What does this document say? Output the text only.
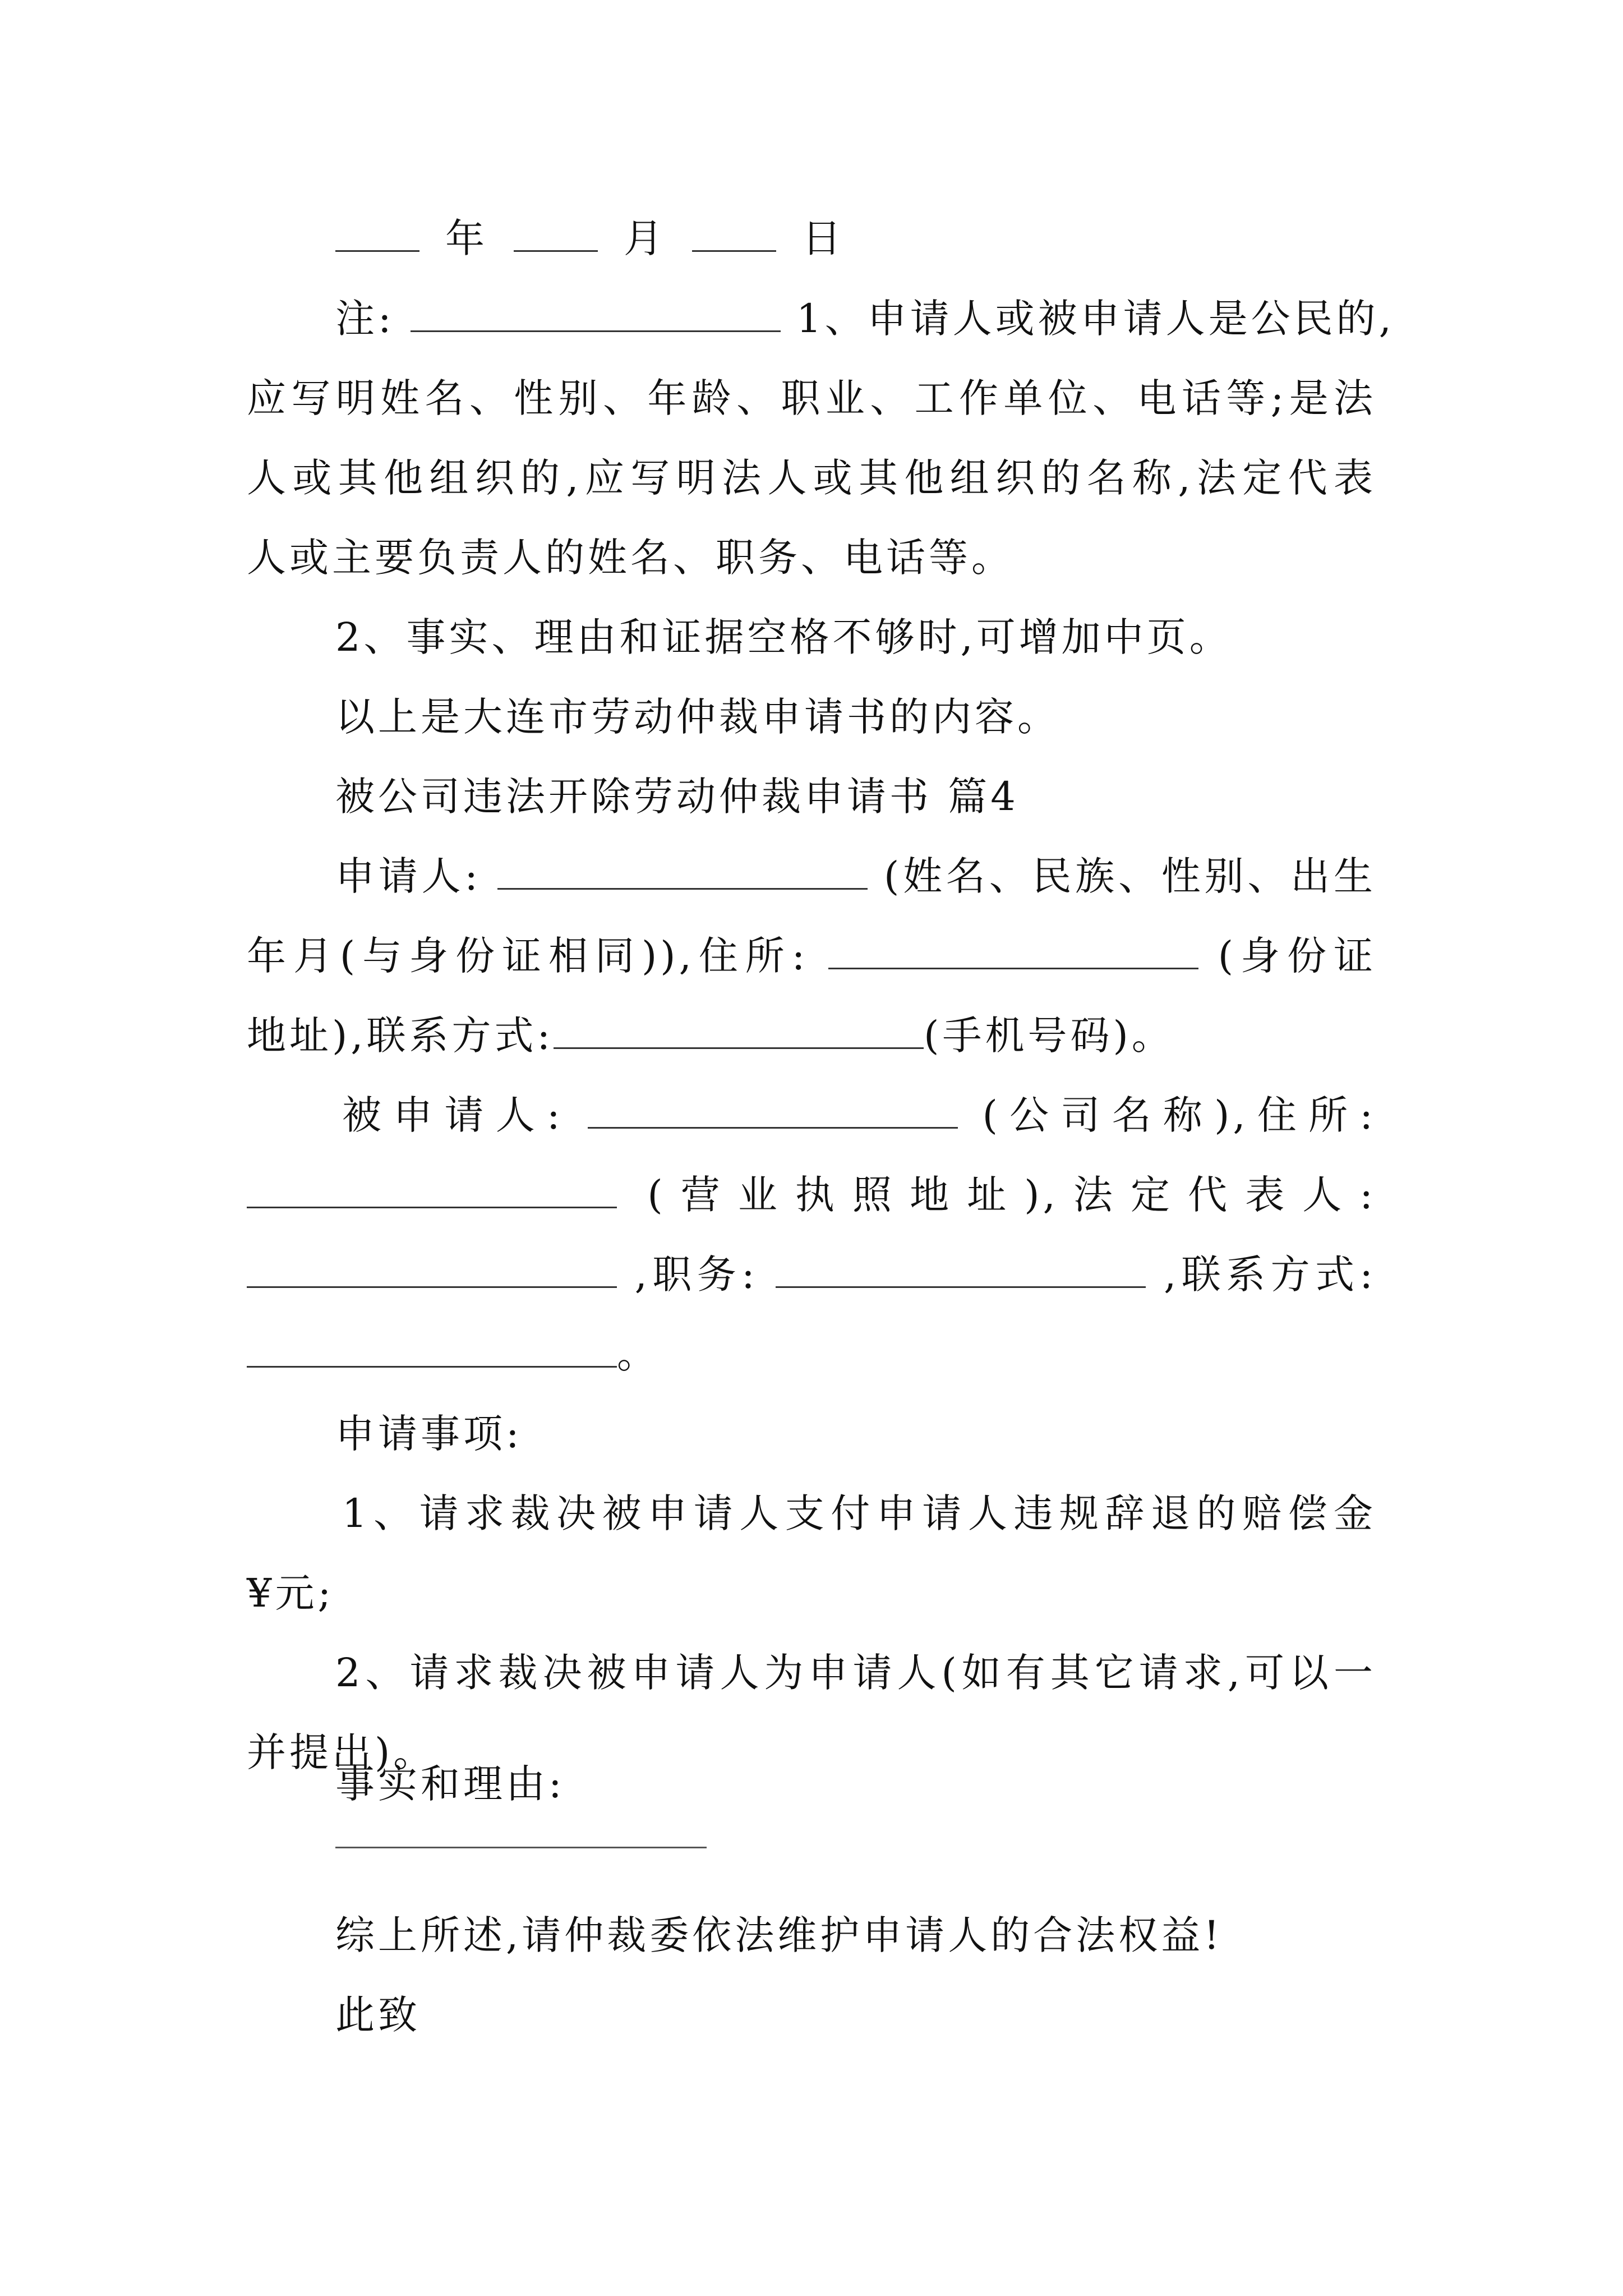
年	月	日
注:	1、申请人或被申请人是公民的,
应写明姓名、性别、年龄、职业、工作单位、电话等;是法
人或其他组织的,应写明法人或其他组织的名称,法定代表
人或主要负责人的姓名、职务、电话等。
2、事实、理由和证据空格不够时,可增加中页。
以上是大连市劳动仲裁申请书的内容。
被公司违法开除劳动仲裁申请书 篇4
申请人:	(姓名、民族、性别、出生
年月(与身份证相同)),住所:	(身份证
地址),联系方式:	(手机号码)。
被申请人:	(公司名称),住所:
(营业执照地址),法定代表人:
,职务:	,联系方式:
。
申请事项:
1、请求裁决被申请人支付申请人违规辞退的赔偿金
¥元;
2、请求裁决被申请人为申请人(如有其它请求,可以一
并提出)。
事实和理由:
综上所述,请仲裁委依法维护申请人的合法权益!
此致
